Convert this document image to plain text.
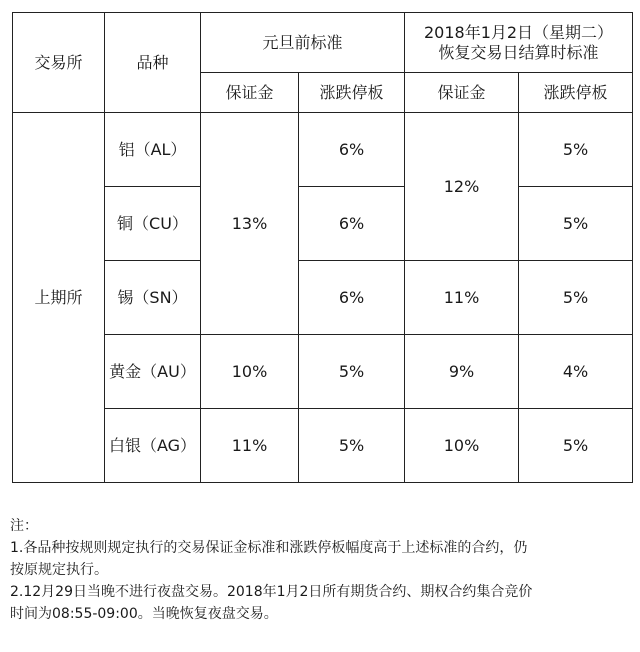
交易所	品种	元旦前标准		2018年1月2日（星期二）
恢复交易日结算时标准	

		保证金	涨跌停板	保证金	涨跌停板
上期所	铝（AL）	13%	6%	12%	5%
	铜（CU）		6%		5%
	锡（SN）		6%	11%	5%
	黄金（AU）	10%	5%	9%	4%
	白银（AG）	11%	5%	10%	5%

注：

1.各品种按规则规定执行的交易保证金标准和涨跌停板幅度高于上述标准的合约，仍

按原规定执行。

2.12月29日当晚不进行夜盘交易。2018年1月2日所有期货合约、期权合约集合竞价

时间为08:55-09:00。当晚恢复夜盘交易。
